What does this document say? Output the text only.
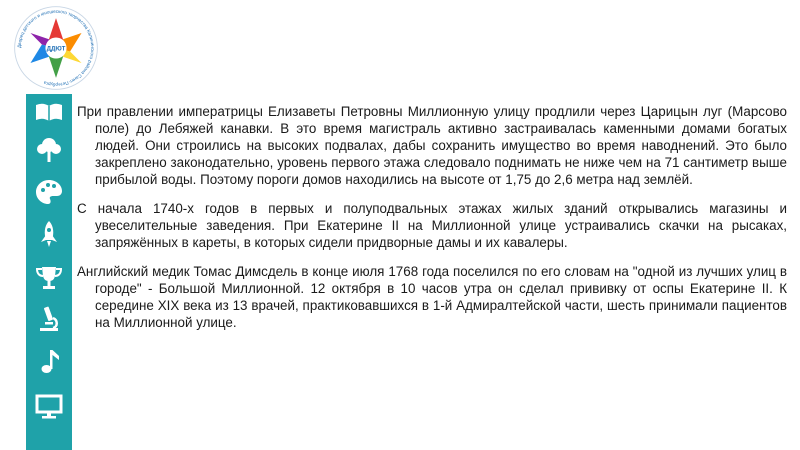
ДДЮТ
Дворец детского и юношеского творчества Калининского района Санкт-Петербурга

При правлении императрицы Елизаветы Петровны Миллионную улицу продлили через Царицын луг (Марсово поле) до Лебяжей канавки. В это время магистраль активно застраивалась каменными домами богатых людей. Они строились на высоких подвалах, дабы сохранить имущество во время наводнений. Это было закреплено законодательно, уровень первого этажа следовало поднимать не ниже чем на 71 сантиметр выше прибылой воды. Поэтому пороги домов находились на высоте от 1,75 до 2,6 метра над землёй.

С начала 1740-х годов в первых и полуподвальных этажах жилых зданий открывались магазины и увеселительные заведения. При Екатерине II на Миллионной улице устраивались скачки на рысаках, запряжённых в кареты, в которых сидели придворные дамы и их кавалеры.

Английский медик Томас Димсдель в конце июля 1768 года поселился по его словам на "одной из лучших улиц в городе" - Большой Миллионной. 12 октября в 10 часов утра он сделал прививку от оспы Екатерине II. К середине XIX века из 13 врачей, практиковавшихся в 1-й Адмиралтейской части, шесть принимали пациентов на Миллионной улице.
